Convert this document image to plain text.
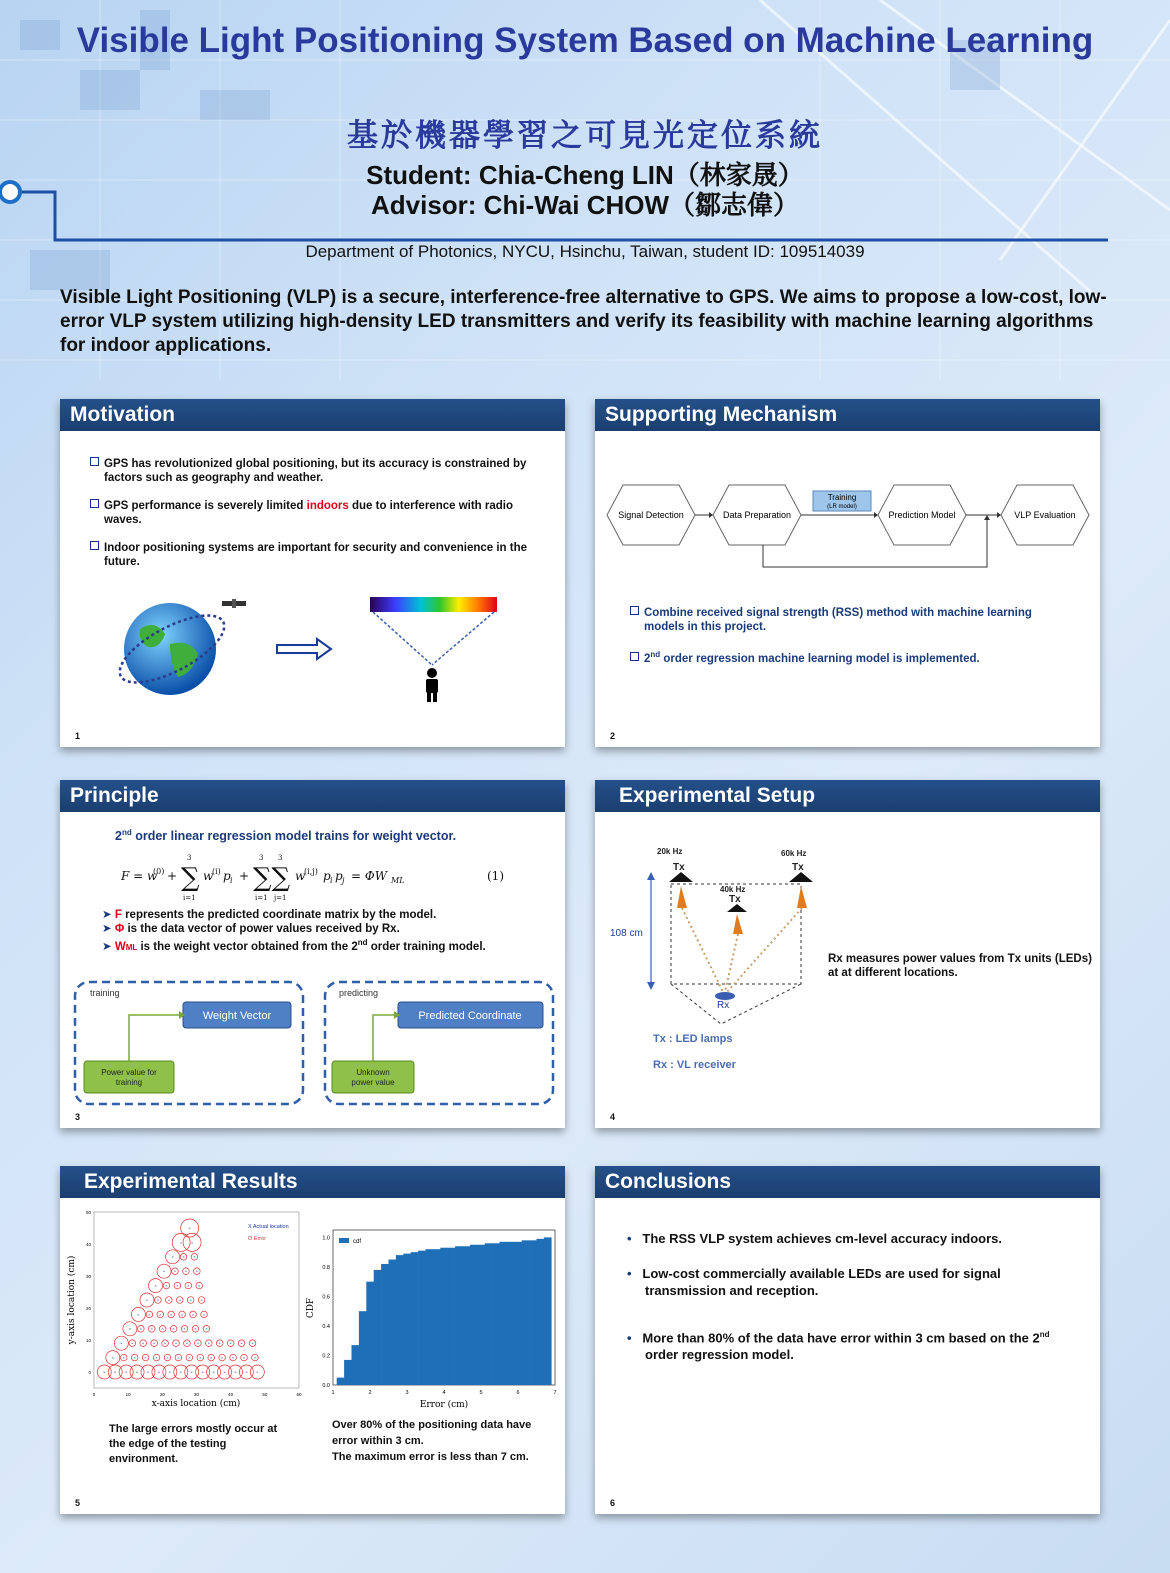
Visible Light Positioning System Based on Machine Learning
基於機器學習之可見光定位系統
Student: Chia-Cheng LIN（林家晟）
Advisor: Chi-Wai CHOW（鄒志偉）
Department of Photonics, NYCU, Hsinchu, Taiwan, student ID: 109514039
Visible Light Positioning (VLP) is a secure, interference-free alternative to GPS. We aims to propose a low-cost, low-error VLP system utilizing high-density LED transmitters and verify its feasibility with machine learning algorithms for indoor applications.
Motivation
GPS has revolutionized global positioning, but its accuracy is constrained by factors such as geography and weather.
GPS performance is severely limited indoors due to interference with radio waves.
Indoor positioning systems are important for security and convenience in the future.
1
Supporting Mechanism
Signal Detection	Data Preparation	Prediction Model	VLP Evaluation
Training
(LR model)
Combine received signal strength (RSS) method with machine learning models in this project.
2nd order regression machine learning model is implemented.
2
Principle
2nd order linear regression model trains for weight vector.
F = w
(0) + ∑
3
i=1
w
(i) p i + ∑∑
3 3
i=1 j=1
w
(i,j) p i p j = ΦW ML	(1)
➤ F represents the predicted coordinate matrix by the model.
➤ Φ is the data vector of power values received by Rx.
➤ WML is the weight vector obtained from the 2nd order training model.
training	predicting
Weight Vector	Predicted Coordinate
Power value for
training
Unknown
power value
3
Experimental Setup
20k Hz	60k Hz
40k Hz
Tx	Tx
Tx
108 cm
Rx
Tx : LED lamps
Rx : VL receiver
Rx measures power values from Tx units (LEDs) at at different locations.
4
Experimental Results
0	10	20	30	40	50	60
0
10
20
30
40
50
× × × × × × × × × × × × × × ×
× × × × × × × × × × × × × ×
× × × × × × × × × × × × ×
× × × × × × × ×
× × × × × × ×
× × × × × ×
× × × × ×
× × × ×
× × ×
× ×
×	X Actual location
O Error
x-axis location (cm)
y-axis location (cm)
1	2	3	4	5	6	7
0.0
0.2
0.4
0.6
0.8
1.0
cdf
Error (cm)
CDF
The large errors mostly occur at the edge of the testing environment.
Over 80% of the positioning data have error within 3 cm.
The maximum error is less than 7 cm.
5
Conclusions
•   The RSS VLP system achieves cm-level accuracy indoors.
•   Low-cost commercially available LEDs are used for signal transmission and reception.
•   More than 80% of the data have error within 3 cm based on the 2nd order regression model.
6
